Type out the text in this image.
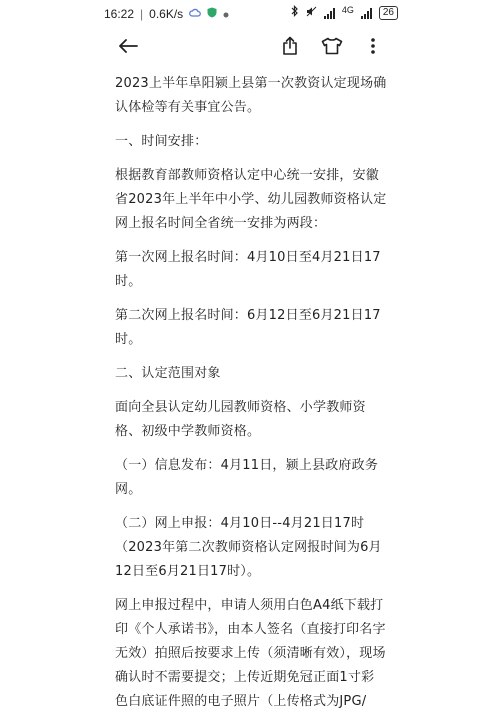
16:22 | 0.6K/s	4G	26

2023上半年阜阳颍上县第一次教资认定现场确认体检等有关事宜公告。

一、时间安排：

根据教育部教师资格认定中心统一安排，安徽省2023年上半年中小学、幼儿园教师资格认定网上报名时间全省统一安排为两段：

第一次网上报名时间：4月10日至4月21日17时。

第二次网上报名时间：6月12日至6月21日17时。

二、认定范围对象

面向全县认定幼儿园教师资格、小学教师资格、初级中学教师资格。

（一）信息发布：4月11日，颍上县政府政务网。

（二）网上申报：4月10日--4月21日17时（2023年第二次教师资格认定网报时间为6月12日至6月21日17时）。

网上申报过程中，申请人须用白色A4纸下载打印《个人承诺书》，由本人签名（直接打印名字无效）拍照后按要求上传（须清晰有效），现场确认时不需要提交；上传近期免冠正面1寸彩色白底证件照的电子照片（上传格式为JPG/
